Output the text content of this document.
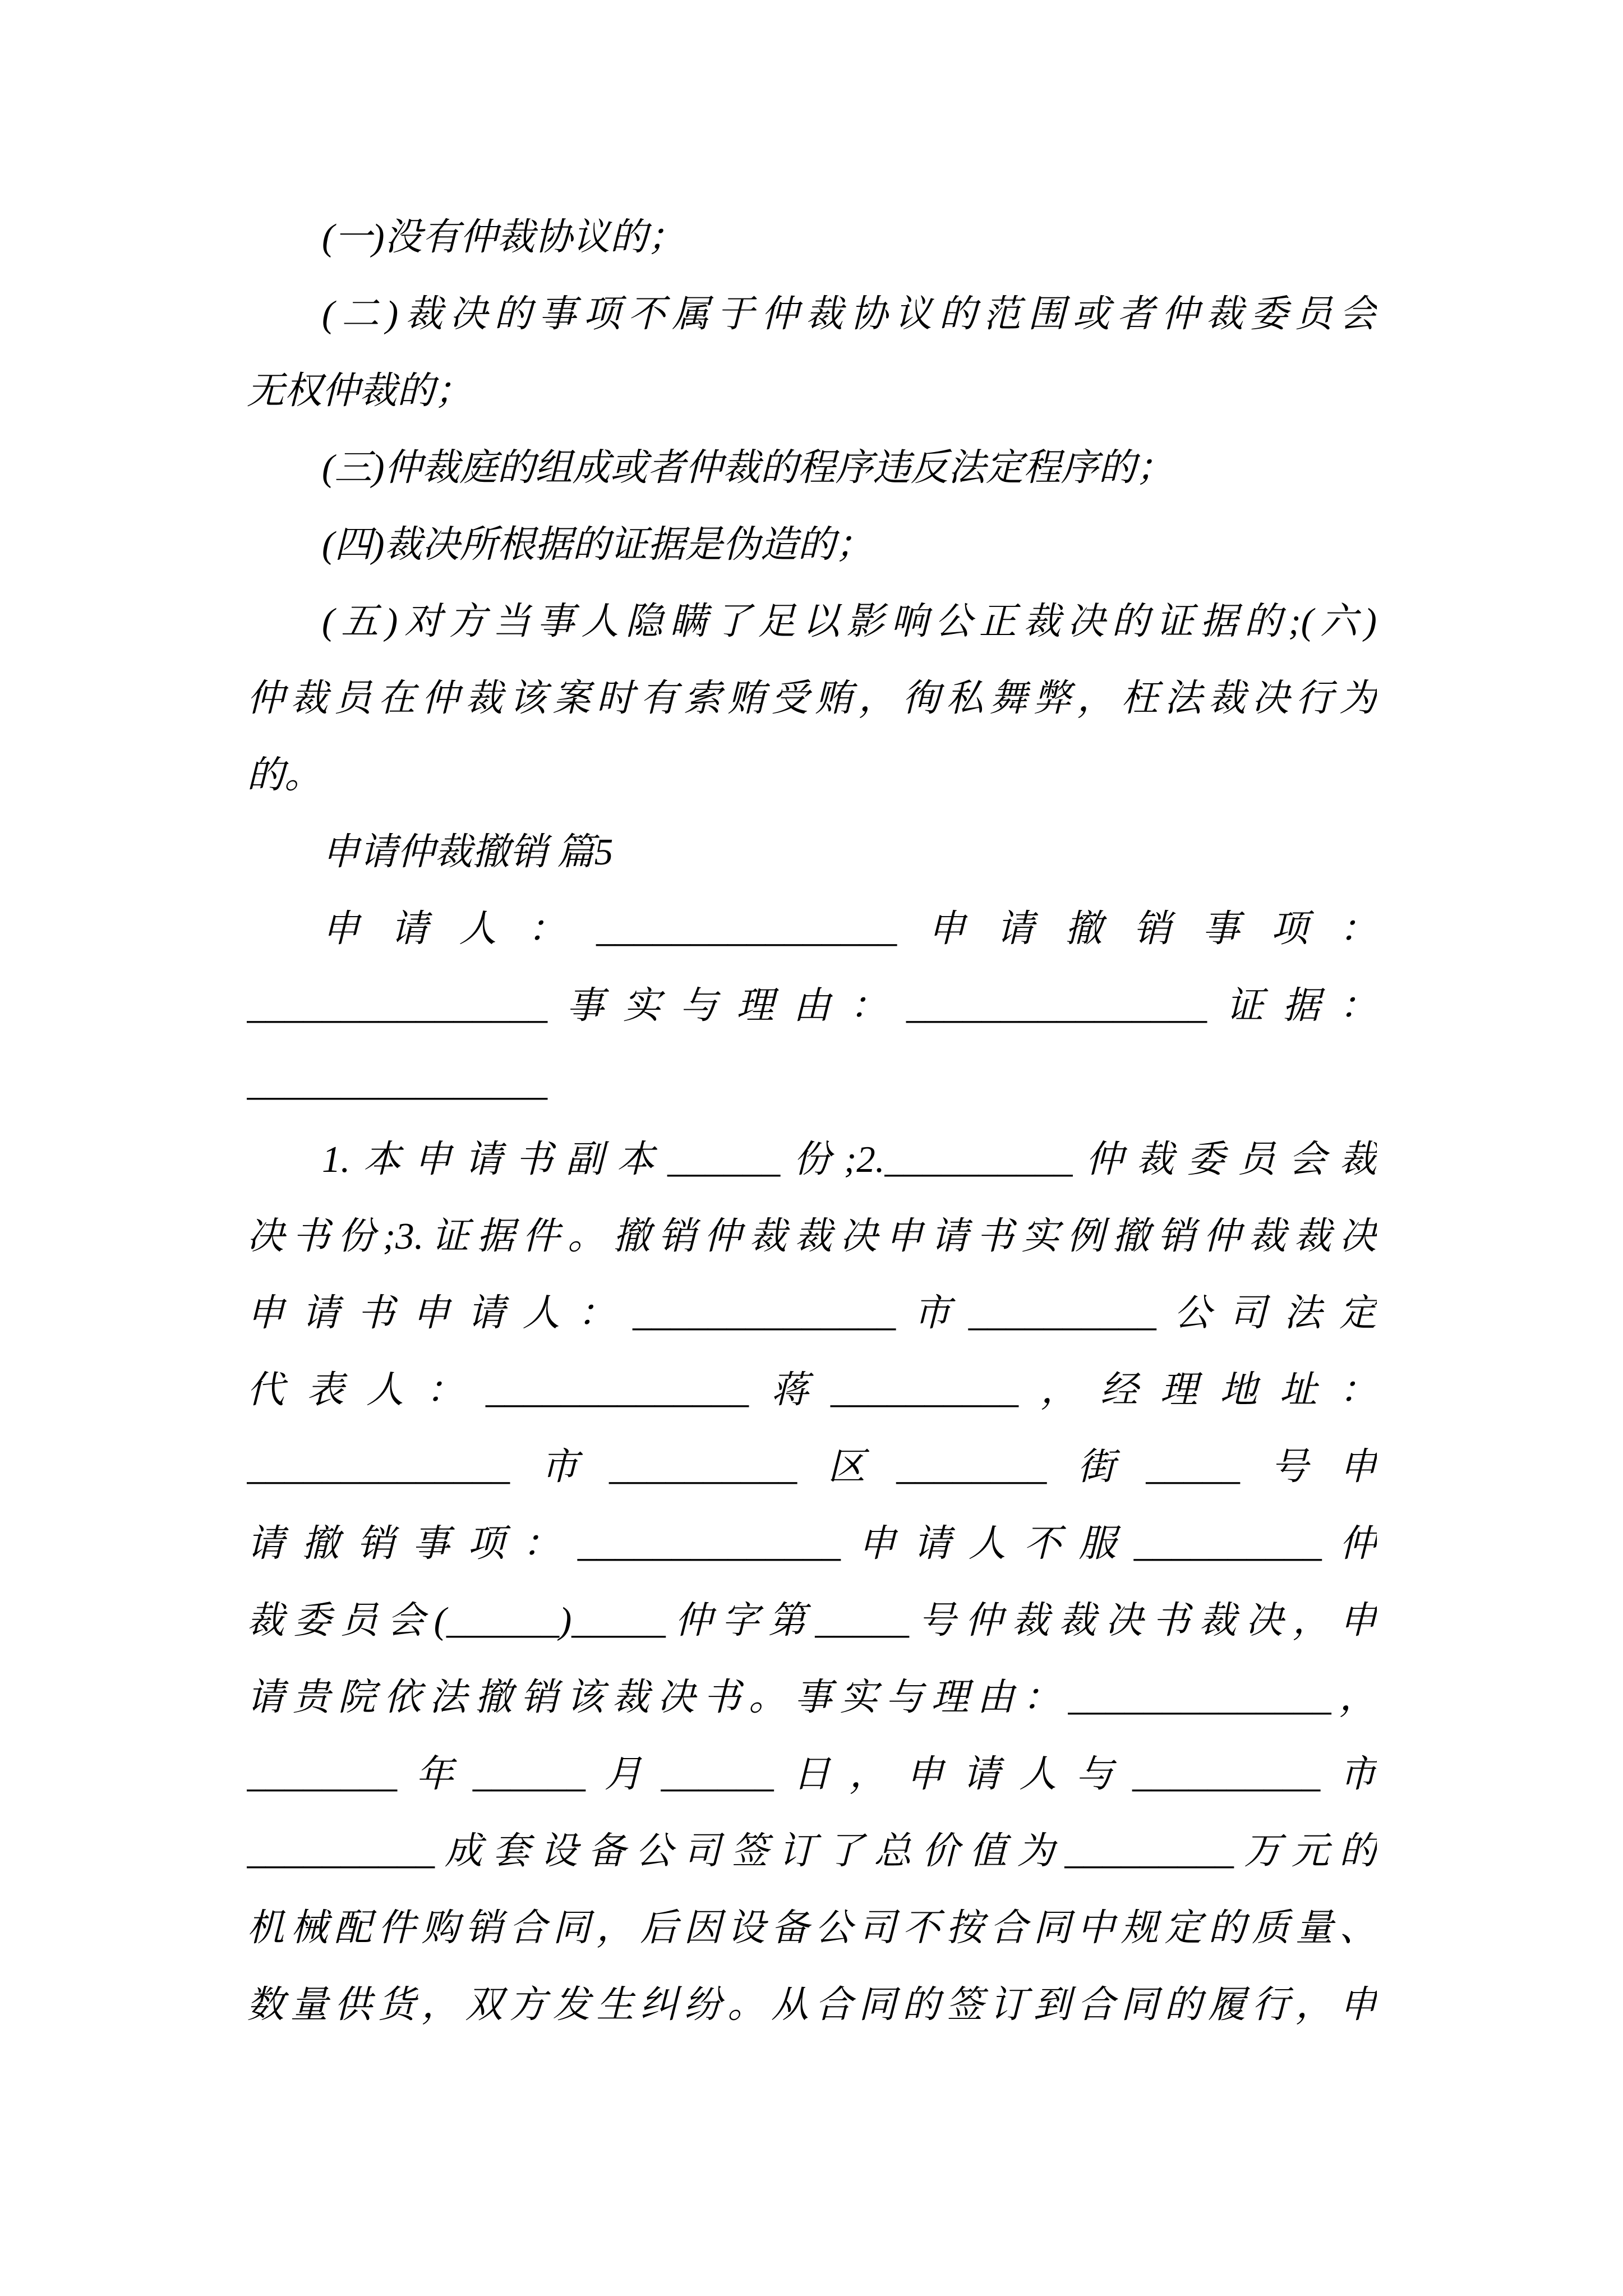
(一)没有仲裁协议的；
(二)裁决的事项不属于仲裁协议的范围或者仲裁委员会
无权仲裁的；
(三)仲裁庭的组成或者仲裁的程序违反法定程序的；
(四)裁决所根据的证据是伪造的；
(五)对方当事人隐瞒了足以影响公正裁决的证据的;(六)
仲裁员在仲裁该案时有索贿受贿，徇私舞弊，枉法裁决行为
的。
申请仲裁撤销 篇5
申请人：________________申请撤销事项：
________________事实与理由：________________证据：
________________
1.本申请书副本______份;2.__________仲裁委员会裁
决书份;3.证据件。撤销仲裁裁决申请书实例撤销仲裁裁决
申请书申请人：______________市__________公司法定
代表人：______________蒋__________，经理地址：
______________市__________区________街_____号申
请撤销事项：______________申请人不服__________仲
裁委员会(______)_____仲字第_____号仲裁裁决书裁决，申
请贵院依法撤销该裁决书。事实与理由：______________，
________年______月______日，申请人与__________市
__________成套设备公司签订了总价值为_________万元的
机械配件购销合同，后因设备公司不按合同中规定的质量、
数量供货，双方发生纠纷。从合同的签订到合同的履行，申
